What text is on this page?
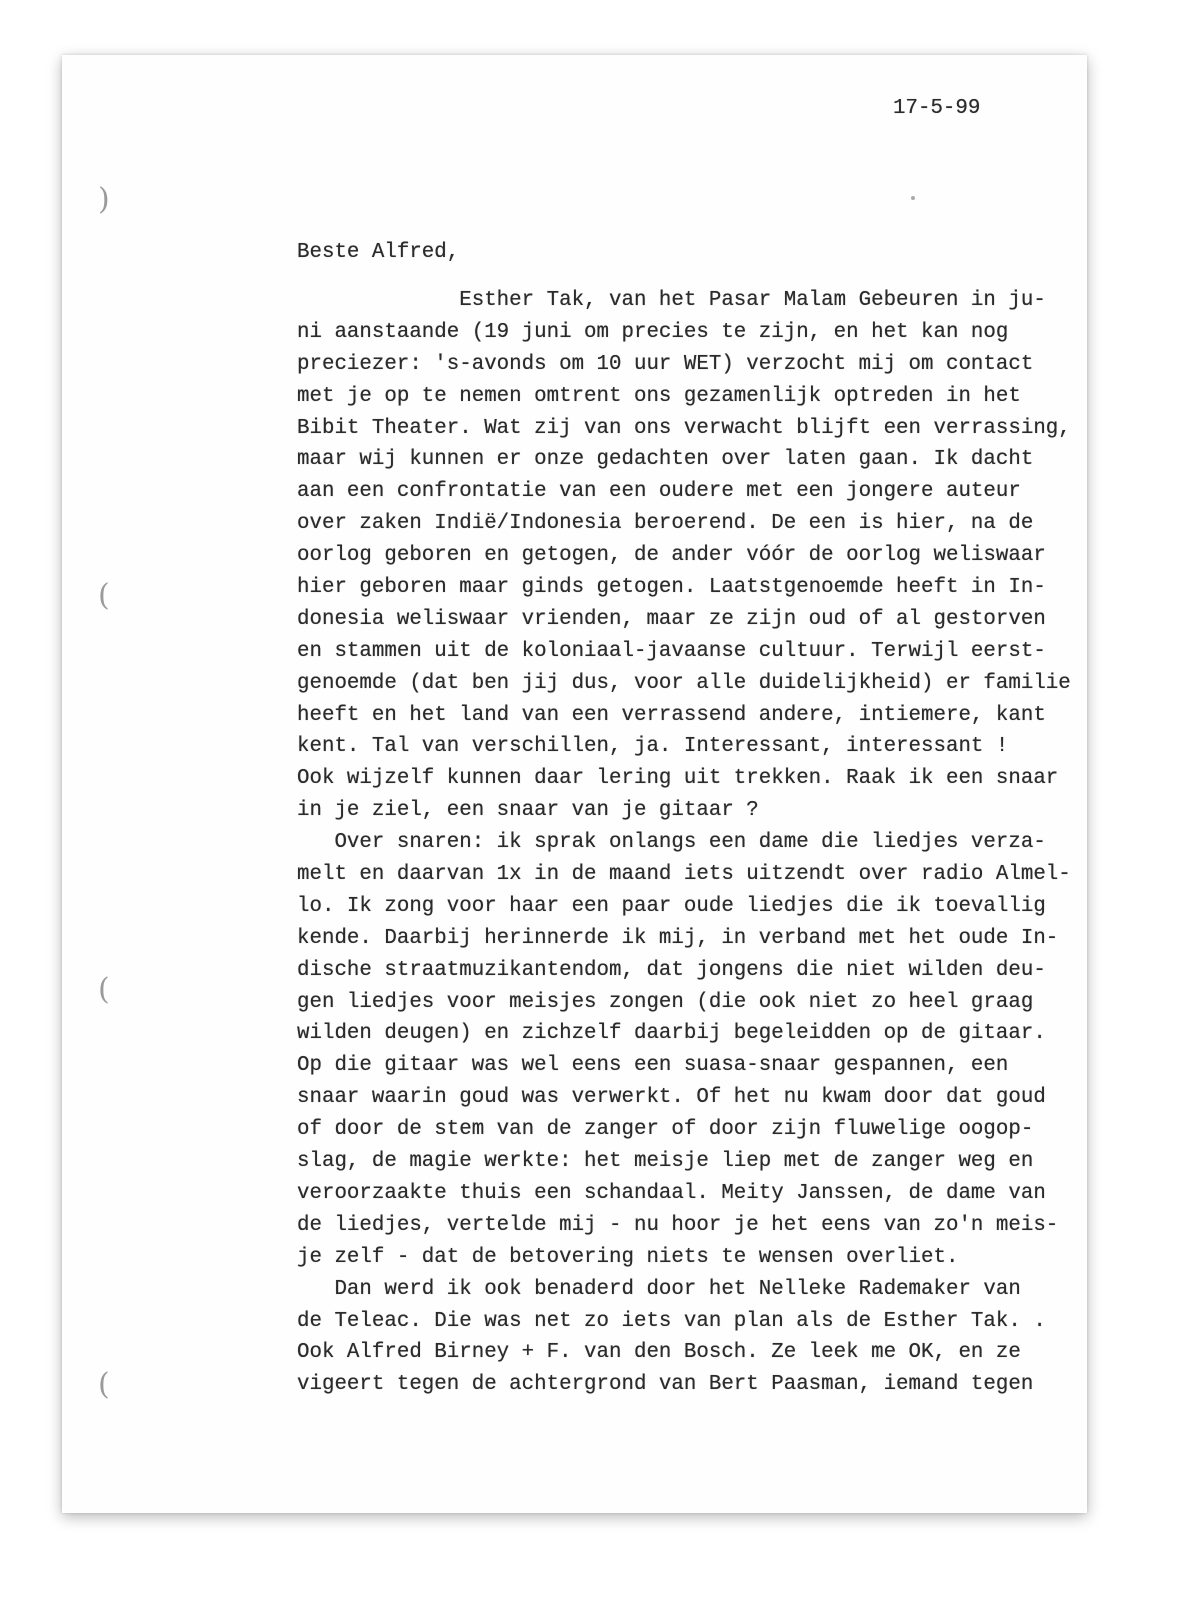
)
(
(
(
17-5-99
Beste Alfred,
Esther Tak, van het Pasar Malam Gebeuren in ju-
ni aanstaande (19 juni om precies te zijn, en het kan nog
preciezer: 's-avonds om 10 uur WET) verzocht mij om contact
met je op te nemen omtrent ons gezamenlijk optreden in het
Bibit Theater. Wat zij van ons verwacht blijft een verrassing,
maar wij kunnen er onze gedachten over laten gaan. Ik dacht
aan een confrontatie van een oudere met een jongere auteur
over zaken Indië/Indonesia beroerend. De een is hier, na de
oorlog geboren en getogen, de ander vóór de oorlog weliswaar
hier geboren maar ginds getogen. Laatstgenoemde heeft in In-
donesia weliswaar vrienden, maar ze zijn oud of al gestorven
en stammen uit de koloniaal-javaanse cultuur. Terwijl eerst-
genoemde (dat ben jij dus, voor alle duidelijkheid) er familie
heeft en het land van een verrassend andere, intiemere, kant
kent. Tal van verschillen, ja. Interessant, interessant !
Ook wijzelf kunnen daar lering uit trekken. Raak ik een snaar
in je ziel, een snaar van je gitaar ?
Over snaren: ik sprak onlangs een dame die liedjes verza-
melt en daarvan 1x in de maand iets uitzendt over radio Almel-
lo. Ik zong voor haar een paar oude liedjes die ik toevallig
kende. Daarbij herinnerde ik mij, in verband met het oude In-
dische straatmuzikantendom, dat jongens die niet wilden deu-
gen liedjes voor meisjes zongen (die ook niet zo heel graag
wilden deugen) en zichzelf daarbij begeleidden op de gitaar.
Op die gitaar was wel eens een suasa-snaar gespannen, een
snaar waarin goud was verwerkt. Of het nu kwam door dat goud
of door de stem van de zanger of door zijn fluwelige oogop-
slag, de magie werkte: het meisje liep met de zanger weg en
veroorzaakte thuis een schandaal. Meity Janssen, de dame van
de liedjes, vertelde mij - nu hoor je het eens van zo'n meis-
je zelf - dat de betovering niets te wensen overliet.
Dan werd ik ook benaderd door het Nelleke Rademaker van
de Teleac. Die was net zo iets van plan als de Esther Tak. .
Ook Alfred Birney + F. van den Bosch. Ze leek me OK, en ze
vigeert tegen de achtergrond van Bert Paasman, iemand tegen
